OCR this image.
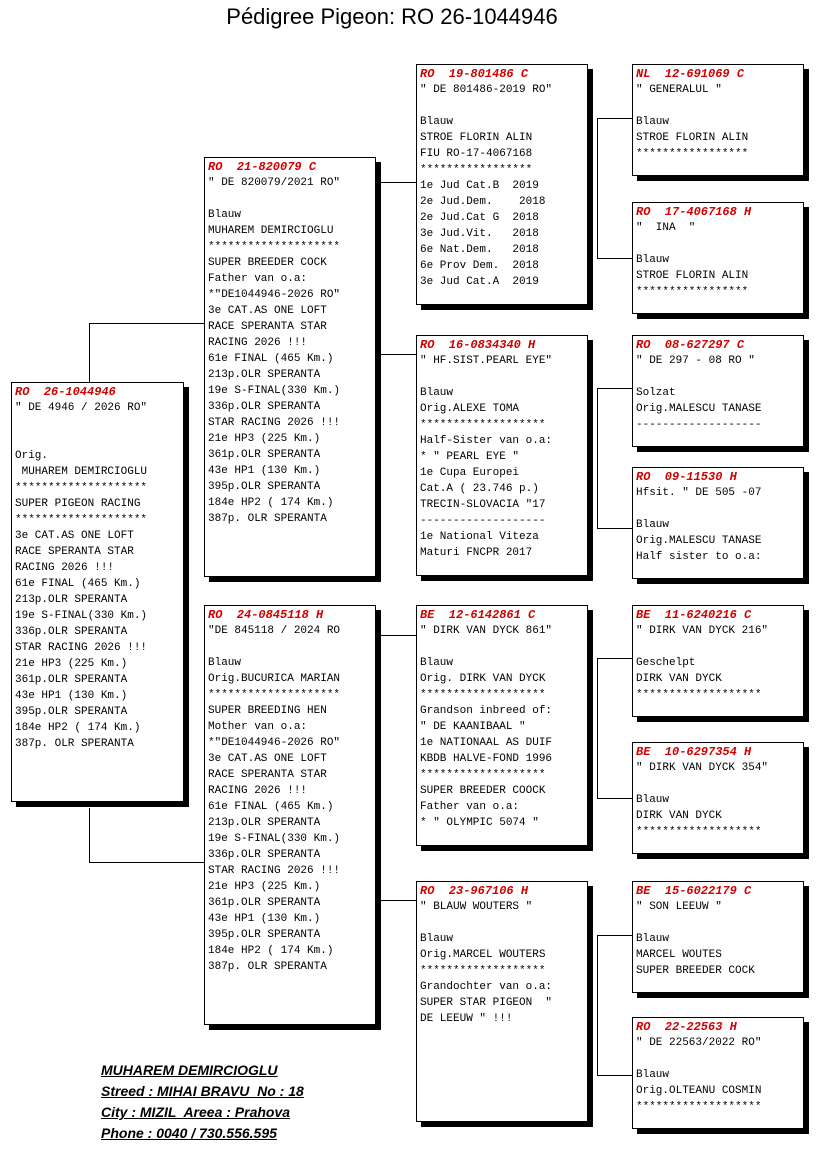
Pédigree Pigeon: RO 26-1044946
RO  26-1044946
" DE 4946 / 2026 RO"

Orig.
MUHAREM DEMIRCIOGLU
********************
SUPER PIGEON RACING
********************
3e CAT.AS ONE LOFT
RACE SPERANTA STAR
RACING 2026 !!!
61e FINAL (465 Km.)
213p.OLR SPERANTA
19e S-FINAL(330 Km.)
336p.OLR SPERANTA
STAR RACING 2026 !!!
21e HP3 (225 Km.)
361p.OLR SPERANTA
43e HP1 (130 Km.)
395p.OLR SPERANTA
184e HP2 ( 174 Km.)
387p. OLR SPERANTA
RO  21-820079 C
" DE 820079/2021 RO"

Blauw
MUHAREM DEMIRCIOGLU
********************
SUPER BREEDER COCK
Father van o.a:
*"DE1044946-2026 RO"
3e CAT.AS ONE LOFT
RACE SPERANTA STAR
RACING 2026 !!!
61e FINAL (465 Km.)
213p.OLR SPERANTA
19e S-FINAL(330 Km.)
336p.OLR SPERANTA
STAR RACING 2026 !!!
21e HP3 (225 Km.)
361p.OLR SPERANTA
43e HP1 (130 Km.)
395p.OLR SPERANTA
184e HP2 ( 174 Km.)
387p. OLR SPERANTA
RO  24-0845118 H
"DE 845118 / 2024 RO

Blauw
Orig.BUCURICA MARIAN
********************
SUPER BREEDING HEN
Mother van o.a:
*"DE1044946-2026 RO"
3e CAT.AS ONE LOFT
RACE SPERANTA STAR
RACING 2026 !!!
61e FINAL (465 Km.)
213p.OLR SPERANTA
19e S-FINAL(330 Km.)
336p.OLR SPERANTA
STAR RACING 2026 !!!
21e HP3 (225 Km.)
361p.OLR SPERANTA
43e HP1 (130 Km.)
395p.OLR SPERANTA
184e HP2 ( 174 Km.)
387p. OLR SPERANTA
RO  19-801486 C
" DE 801486-2019 RO"

Blauw
STROE FLORIN ALIN
FIU RO-17-4067168
*****************
1e Jud Cat.B  2019
2e Jud.Dem.    2018
2e Jud.Cat G  2018
3e Jud.Vit.   2018
6e Nat.Dem.   2018
6e Prov Dem.  2018
3e Jud Cat.A  2019
RO  16-0834340 H
" HF.SIST.PEARL EYE"

Blauw
Orig.ALEXE TOMA
*******************
Half-Sister van o.a:
* " PEARL EYE "
1e Cupa Europei
Cat.A ( 23.746 p.)
TRECIN-SLOVACIA "17
-------------------
1e National Viteza
Maturi FNCPR 2017
BE  12-6142861 C
" DIRK VAN DYCK 861"

Blauw
Orig. DIRK VAN DYCK
*******************
Grandson inbreed of:
" DE KAANIBAAL "
1e NATIONAAL AS DUIF
KBDB HALVE-FOND 1996
*******************
SUPER BREEDER COOCK
Father van o.a:
* " OLYMPIC 5074 "
RO  23-967106 H
" BLAUW WOUTERS "

Blauw
Orig.MARCEL WOUTERS
*******************
Grandochter van o.a:
SUPER STAR PIGEON  "
DE LEEUW " !!!
NL  12-691069 C
" GENERALUL "

Blauw
STROE FLORIN ALIN
*****************
RO  17-4067168 H
"  INA  "

Blauw
STROE FLORIN ALIN
*****************
RO  08-627297 C
" DE 297 - 08 RO "

Solzat
Orig.MALESCU TANASE
-------------------
RO  09-11530 H
Hfsit. " DE 505 -07

Blauw
Orig.MALESCU TANASE
Half sister to o.a:
BE  11-6240216 C
" DIRK VAN DYCK 216"

Geschelpt
DIRK VAN DYCK
*******************
BE  10-6297354 H
" DIRK VAN DYCK 354"

Blauw
DIRK VAN DYCK
*******************
BE  15-6022179 C
" SON LEEUW "

Blauw
MARCEL WOUTES
SUPER BREEDER COCK
RO  22-22563 H
" DE 22563/2022 RO"

Blauw
Orig.OLTEANU COSMIN
*******************
MUHAREM DEMIRCIOGLU
Streed : MIHAI BRAVU  No : 18
City : MIZIL  Areea : Prahova
Phone : 0040 / 730.556.595
